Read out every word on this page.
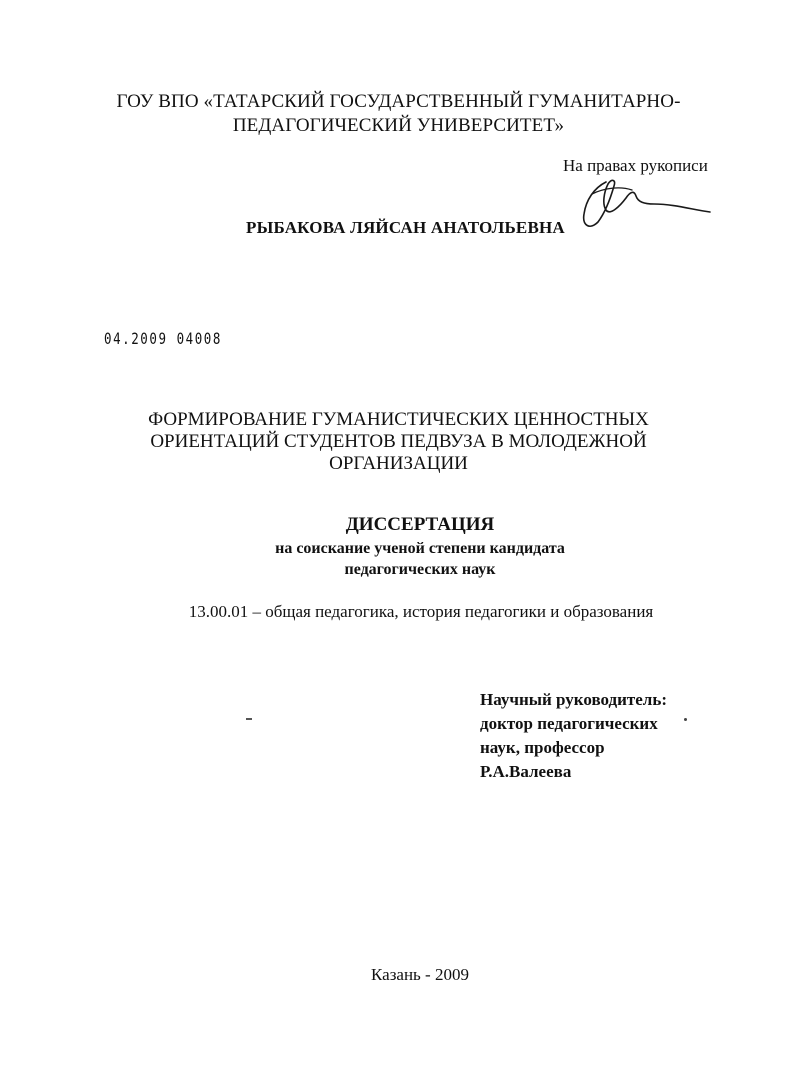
ГОУ ВПО «ТАТАРСКИЙ ГОСУДАРСТВЕННЫЙ ГУМАНИТАРНО-
ПЕДАГОГИЧЕСКИЙ УНИВЕРСИТЕТ»
На правах рукописи
РЫБАКОВА ЛЯЙСАН АНАТОЛЬЕВНА
04.2009 04008
ФОРМИРОВАНИЕ ГУМАНИСТИЧЕСКИХ ЦЕННОСТНЫХ
ОРИЕНТАЦИЙ СТУДЕНТОВ ПЕДВУЗА В МОЛОДЕЖНОЙ
ОРГАНИЗАЦИИ
ДИССЕРТАЦИЯ
на соискание ученой степени кандидата
педагогических наук
13.00.01 – общая педагогика, история педагогики и образования
Научный руководитель:
доктор педагогических
наук, профессор
Р.А.Валеева
Казань - 2009
